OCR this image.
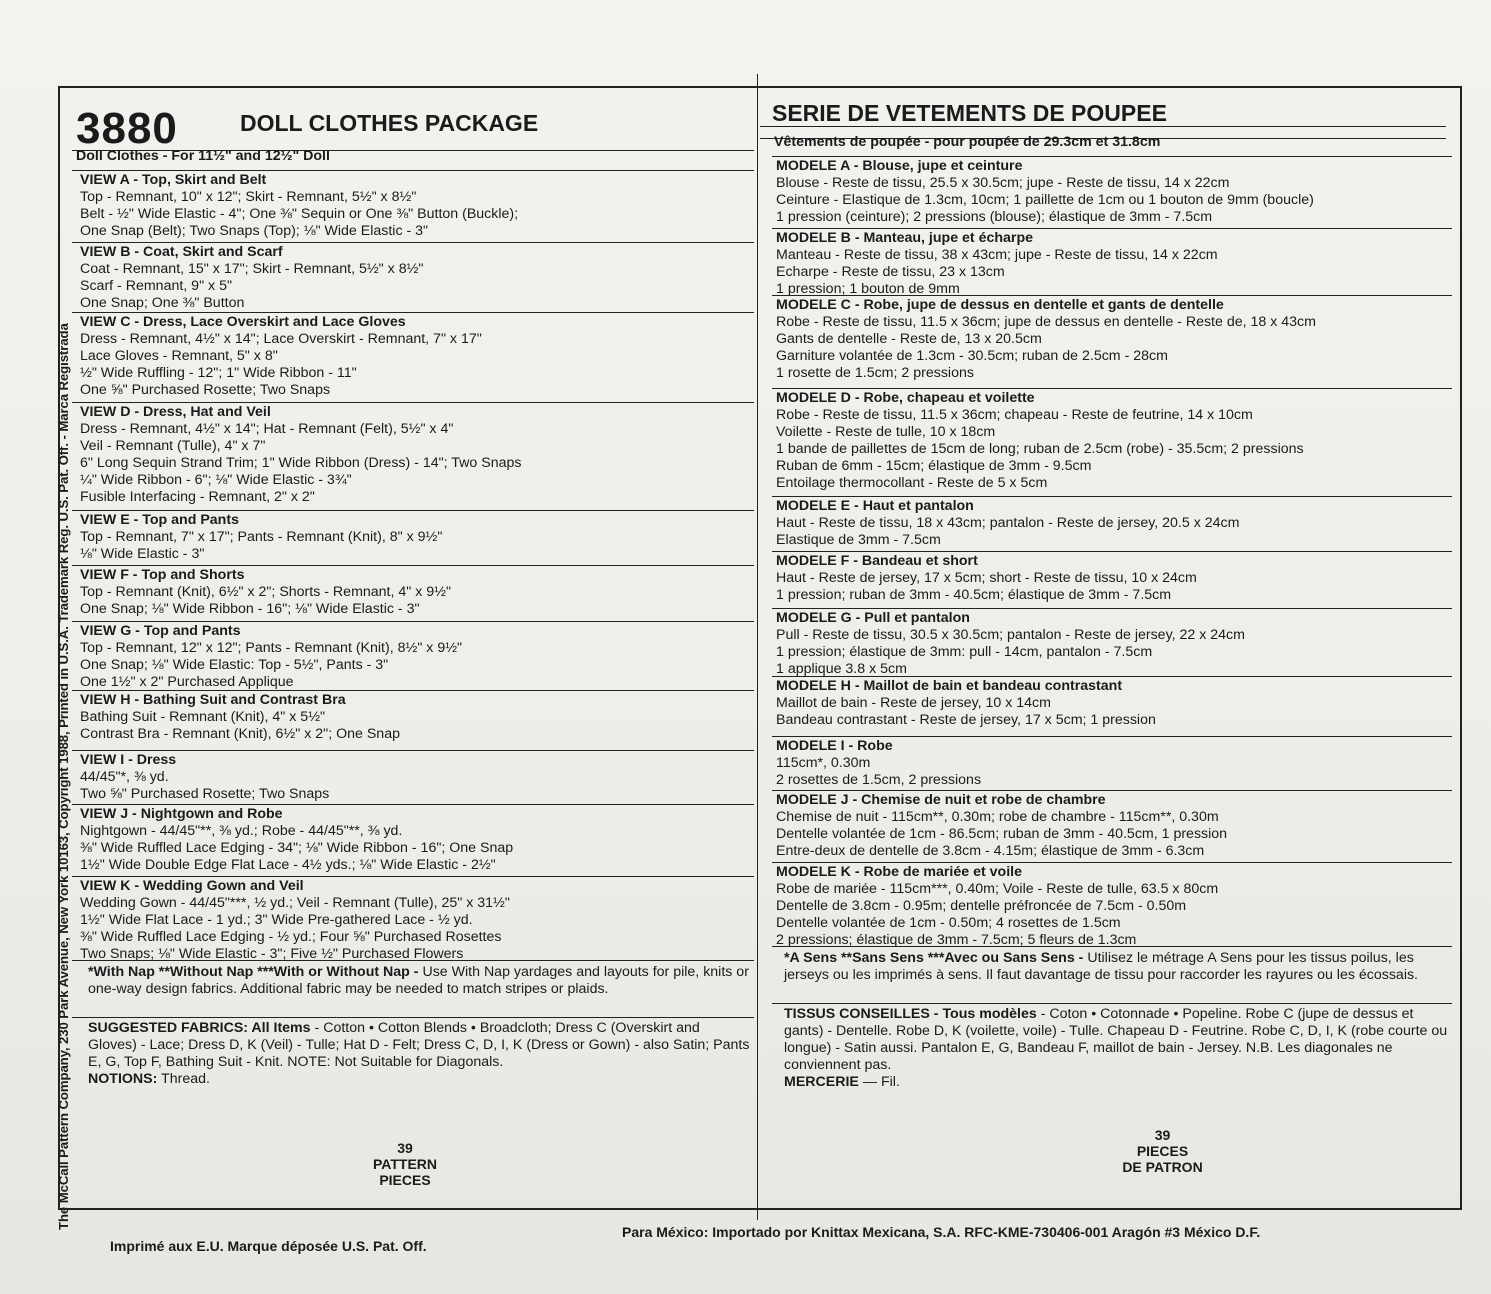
The McCall Pattern Company, 230 Park Avenue, New York 10163, Copyright 1988, Printed in U.S.A. Trademark Reg. U.S. Pat. Off. - Marca Registrada
3880	DOLL CLOTHES PACKAGE	SERIE DE VETEMENTS DE POUPEE

Doll Clothes - For 11½" and 12½" Doll

Vêtements de poupée - pour poupée de 29.3cm et 31.8cm

VIEW A - Top, Skirt and Belt

Top - Remnant, 10" x 12"; Skirt - Remnant, 5½" x 8½"

Belt - ½" Wide Elastic - 4"; One ⅜" Sequin or One ⅜" Button (Buckle);

One Snap (Belt); Two Snaps (Top); ⅛" Wide Elastic - 3"

VIEW B - Coat, Skirt and Scarf

Coat - Remnant, 15" x 17"; Skirt - Remnant, 5½" x 8½"

Scarf - Remnant, 9" x 5"

One Snap; One ⅜" Button

VIEW C - Dress, Lace Overskirt and Lace Gloves

Dress - Remnant, 4½" x 14"; Lace Overskirt - Remnant, 7" x 17"

Lace Gloves - Remnant, 5" x 8"

½" Wide Ruffling - 12"; 1" Wide Ribbon - 11"

One ⅝" Purchased Rosette; Two Snaps

VIEW D - Dress, Hat and Veil

Dress - Remnant, 4½" x 14"; Hat - Remnant (Felt), 5½" x 4"

Veil - Remnant (Tulle), 4" x 7"

6" Long Sequin Strand Trim; 1" Wide Ribbon (Dress) - 14"; Two Snaps

¼" Wide Ribbon - 6"; ⅛" Wide Elastic - 3¾"

Fusible Interfacing - Remnant, 2" x 2"

VIEW E - Top and Pants

Top - Remnant, 7" x 17"; Pants - Remnant (Knit), 8" x 9½"

⅛" Wide Elastic - 3"

VIEW F - Top and Shorts

Top - Remnant (Knit), 6½" x 2"; Shorts - Remnant, 4" x 9½"

One Snap; ⅛" Wide Ribbon - 16"; ⅛" Wide Elastic - 3"

VIEW G - Top and Pants

Top - Remnant, 12" x 12"; Pants - Remnant (Knit), 8½" x 9½"

One Snap; ⅛" Wide Elastic: Top - 5½", Pants - 3"

One 1½" x 2" Purchased Applique

VIEW H - Bathing Suit and Contrast Bra

Bathing Suit - Remnant (Knit), 4" x 5½"

Contrast Bra - Remnant (Knit), 6½" x 2"; One Snap

VIEW I - Dress

44/45"*, ⅜ yd.

Two ⅝" Purchased Rosette; Two Snaps

VIEW J - Nightgown and Robe

Nightgown - 44/45"**, ⅜ yd.; Robe - 44/45"**, ⅜ yd.

⅜" Wide Ruffled Lace Edging - 34"; ⅛" Wide Ribbon - 16"; One Snap

1½" Wide Double Edge Flat Lace - 4½ yds.; ⅛" Wide Elastic - 2½"

VIEW K - Wedding Gown and Veil

Wedding Gown - 44/45"***, ½ yd.; Veil - Remnant (Tulle), 25" x 31½"

1½" Wide Flat Lace - 1 yd.; 3" Wide Pre-gathered Lace - ½ yd.

⅜" Wide Ruffled Lace Edging - ½ yd.; Four ⅝" Purchased Rosettes

Two Snaps; ⅛" Wide Elastic - 3"; Five ½" Purchased Flowers

MODELE A - Blouse, jupe et ceinture

Blouse - Reste de tissu, 25.5 x 30.5cm; jupe - Reste de tissu, 14 x 22cm

Ceinture - Elastique de 1.3cm, 10cm; 1 paillette de 1cm ou 1 bouton de 9mm (boucle)

1 pression (ceinture); 2 pressions (blouse); élastique de 3mm - 7.5cm

MODELE B - Manteau, jupe et écharpe

Manteau - Reste de tissu, 38 x 43cm; jupe - Reste de tissu, 14 x 22cm

Echarpe - Reste de tissu, 23 x 13cm

1 pression; 1 bouton de 9mm

MODELE C - Robe, jupe de dessus en dentelle et gants de dentelle

Robe - Reste de tissu, 11.5 x 36cm; jupe de dessus en dentelle - Reste de, 18 x 43cm

Gants de dentelle - Reste de, 13 x 20.5cm

Garniture volantée de 1.3cm - 30.5cm; ruban de 2.5cm - 28cm

1 rosette de 1.5cm; 2 pressions

MODELE D - Robe, chapeau et voilette

Robe - Reste de tissu, 11.5 x 36cm; chapeau - Reste de feutrine, 14 x 10cm

Voilette - Reste de tulle, 10 x 18cm

1 bande de paillettes de 15cm de long; ruban de 2.5cm (robe) - 35.5cm; 2 pressions

Ruban de 6mm - 15cm; élastique de 3mm - 9.5cm

Entoilage thermocollant - Reste de 5 x 5cm

MODELE E - Haut et pantalon

Haut - Reste de tissu, 18 x 43cm; pantalon - Reste de jersey, 20.5 x 24cm

Elastique de 3mm - 7.5cm

MODELE F - Bandeau et short

Haut - Reste de jersey, 17 x 5cm; short - Reste de tissu, 10 x 24cm

1 pression; ruban de 3mm - 40.5cm; élastique de 3mm - 7.5cm

MODELE G - Pull et pantalon

Pull - Reste de tissu, 30.5 x 30.5cm; pantalon - Reste de jersey, 22 x 24cm

1 pression; élastique de 3mm: pull - 14cm, pantalon - 7.5cm

1 applique 3.8 x 5cm

MODELE H - Maillot de bain et bandeau contrastant

Maillot de bain - Reste de jersey, 10 x 14cm

Bandeau contrastant - Reste de jersey, 17 x 5cm; 1 pression

MODELE I - Robe

115cm*, 0.30m

2 rosettes de 1.5cm, 2 pressions

MODELE J - Chemise de nuit et robe de chambre

Chemise de nuit - 115cm**, 0.30m; robe de chambre - 115cm**, 0.30m

Dentelle volantée de 1cm - 86.5cm; ruban de 3mm - 40.5cm, 1 pression

Entre-deux de dentelle de 3.8cm - 4.15m; élastique de 3mm - 6.3cm

MODELE K - Robe de mariée et voile

Robe de mariée - 115cm***, 0.40m; Voile - Reste de tulle, 63.5 x 80cm

Dentelle de 3.8cm - 0.95m; dentelle préfroncée de 7.5cm - 0.50m

Dentelle volantée de 1cm - 0.50m; 4 rosettes de 1.5cm

2 pressions; élastique de 3mm - 7.5cm; 5 fleurs de 1.3cm

*With Nap **Without Nap ***With or Without Nap - Use With Nap yardages and layouts for pile, knits or one-way design fabrics. Additional fabric may be needed to match stripes or plaids.

*A Sens **Sans Sens ***Avec ou Sans Sens - Utilisez le métrage A Sens pour les tissus poilus, les jerseys ou les imprimés à sens. Il faut davantage de tissu pour raccorder les rayures ou les écossais.

SUGGESTED FABRICS: All Items - Cotton • Cotton Blends • Broadcloth; Dress C (Overskirt and Gloves) - Lace; Dress D, K (Veil) - Tulle; Hat D - Felt; Dress C, D, I, K (Dress or Gown) - also Satin; Pants E, G, Top F, Bathing Suit - Knit. NOTE: Not Suitable for Diagonals.

NOTIONS: Thread.

TISSUS CONSEILLES - Tous modèles - Coton • Cotonnade • Popeline. Robe C (jupe de dessus et gants) - Dentelle. Robe D, K (voilette, voile) - Tulle. Chapeau D - Feutrine. Robe C, D, I, K (robe courte ou longue) - Satin aussi. Pantalon E, G, Bandeau F, maillot de bain - Jersey. N.B. Les diagonales ne conviennent pas.

MERCERIE — Fil.

39
PATTERN
PIECES
39
PIECES
DE PATRON
Imprimé aux E.U. Marque déposée U.S. Pat. Off.
Para México: Importado por Knittax Mexicana, S.A. RFC-KME-730406-001 Aragón #3 México D.F.
